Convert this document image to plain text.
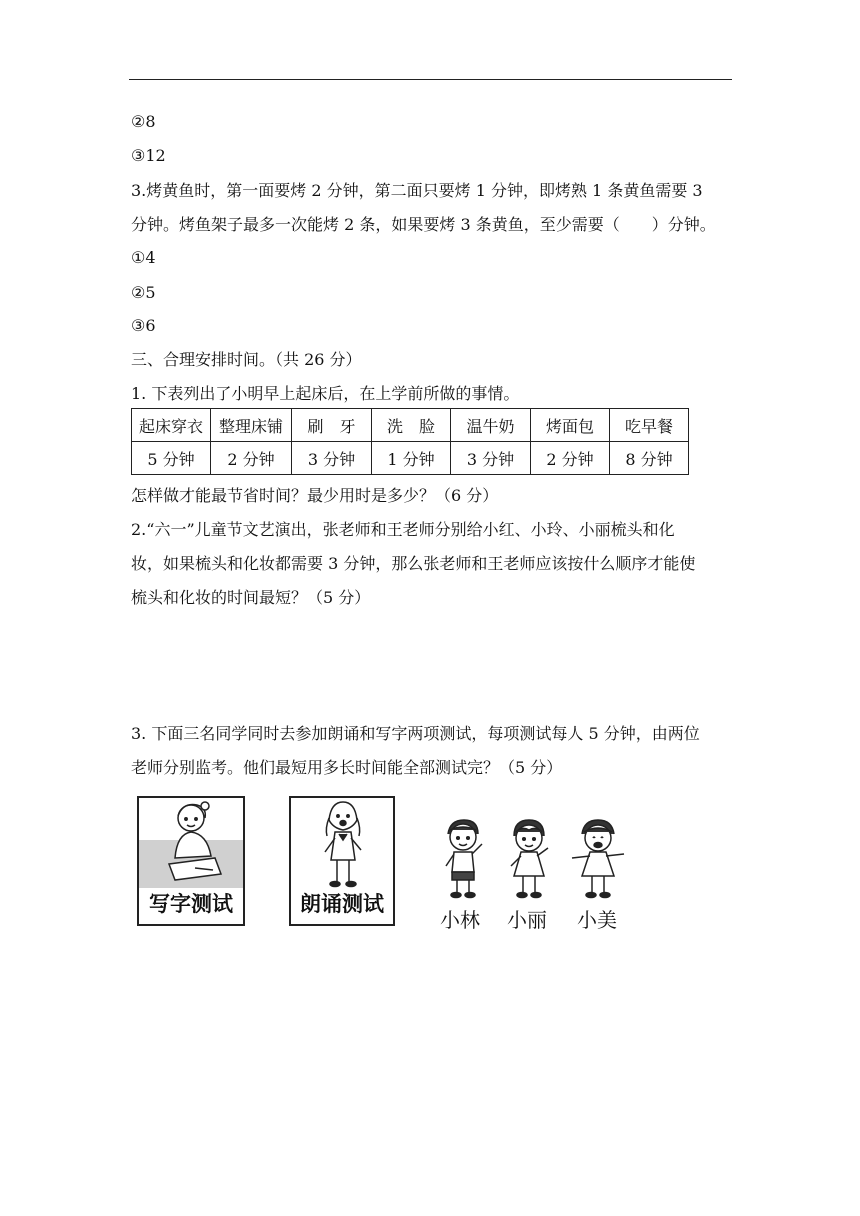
②8
③12
3.烤黄鱼时，第一面要烤 2 分钟，第二面只要烤 1 分钟，即烤熟 1 条黄鱼需要 3
分钟。烤鱼架子最多一次能烤 2 条，如果要烤 3 条黄鱼，至少需要（　　）分钟。
①4
②5
③6
三、合理安排时间。（共 26 分）
1. 下表列出了小明早上起床后，在上学前所做的事情。
起床穿衣	整理床铺	刷　牙	洗　脸	温牛奶	烤面包	吃早餐
5 分钟	2 分钟	3 分钟	1 分钟	3 分钟	2 分钟	8 分钟
怎样做才能最节省时间？最少用时是多少？（6 分）
2.“六一”儿童节文艺演出，张老师和王老师分别给小红、小玲、小丽梳头和化
妆，如果梳头和化妆都需要 3 分钟，那么张老师和王老师应该按什么顺序才能使
梳头和化妆的时间最短？（5 分）
3. 下面三名同学同时去参加朗诵和写字两项测试，每项测试每人 5 分钟，由两位
老师分别监考。他们最短用多长时间能全部测试完？（5 分）
写字测试	朗诵测试
小林 小丽 小美
